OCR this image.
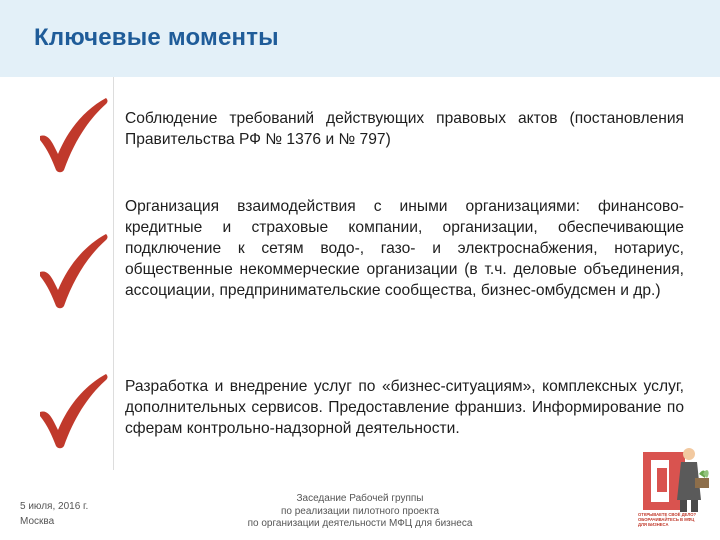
Ключевые моменты
Соблюдение требований действующих правовых актов (постановления Правительства РФ № 1376 и № 797)
Организация взаимодействия с иными организациями: финансово-кредитные и страховые компании, организации, обеспечивающие подключение к сетям водо-, газо- и электроснабжения, нотариус, общественные некоммерческие организации (в т.ч. деловые объединения, ассоциации, предпринимательские сообщества, бизнес-омбудсмен и др.)
Разработка и внедрение услуг по «бизнес-ситуациям», комплексных услуг, дополнительных сервисов. Предоставление франшиз. Информирование по сферам контрольно-надзорной деятельности.
5 июля, 2016 г.
Москва
Заседание Рабочей группы
по реализации пилотного проекта
по организации деятельности МФЦ для бизнеса
ОТКРЫВАЕТЕ СВОЁ ДЕЛО? ОБОРАЧИВАЙТЕСЬ В МФЦ ДЛЯ БИЗНЕСА
